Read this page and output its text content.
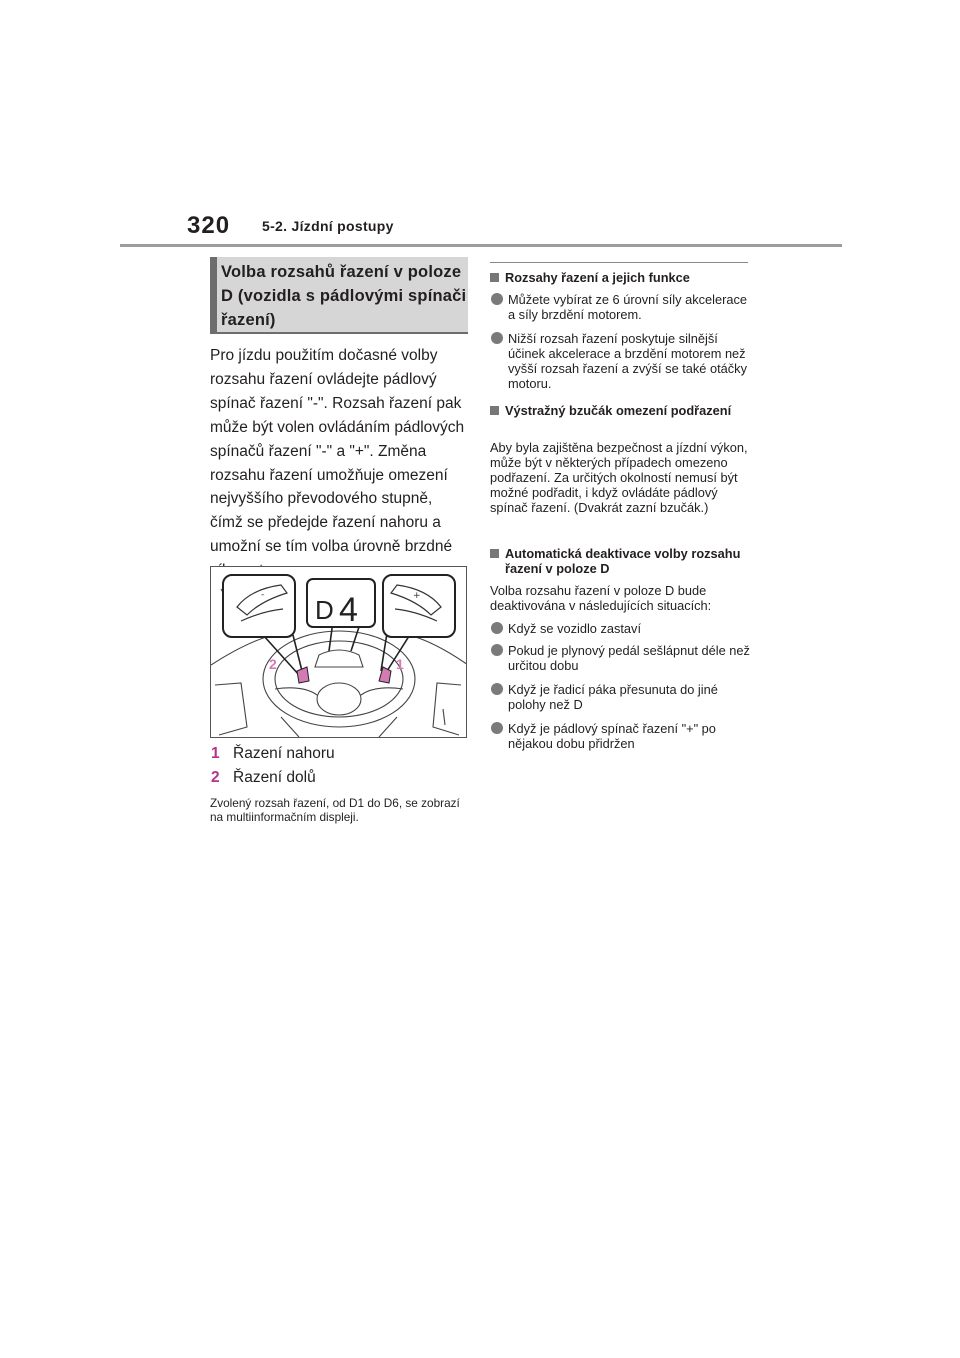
320 5-2. Jízdní postupy
Volba rozsahů řazení v poloze D (vozidla s pádlovými spínači řazení)
Pro jízdu použitím dočasné volby rozsahu řazení ovládejte pádlový spínač řazení "-". Rozsah řazení pak může být volen ovládáním pádlových spínačů řazení "-" a "+". Změna rozsahu řazení umožňuje omezení nejvyššího převodového stupně, čímž se předejde řazení nahoru a umožní se tím volba úrovně brzdné
- D 4	+
2	1
1 Řazení nahoru
2 Řazení dolů
Zvolený rozsah řazení, od D1 do D6, se zobrazí na multiinformačním displeji.
Rozsahy řazení a jejich funkce
Můžete vybírat ze 6 úrovní síly akcelerace a síly brzdění motorem.
Nižší rozsah řazení poskytuje silnější účinek akcelerace a brzdění motorem než vyšší rozsah řazení a zvýší se také otáčky motoru.
Výstražný bzučák omezení podřazení
Aby byla zajištěna bezpečnost a jízdní výkon, může být v některých případech omezeno podřazení. Za určitých okolností nemusí být možné podřadit, i když ovládáte pádlový spínač řazení. (Dvakrát zazní bzučák.)
Automatická deaktivace volby rozsahu řazení v poloze D
Volba rozsahu řazení v poloze D bude deaktivována v následujících situacích:
Když se vozidlo zastaví
Pokud je plynový pedál sešlápnut déle než určitou dobu
Když je řadicí páka přesunuta do jiné polohy než D
Když je pádlový spínač řazení "+" po nějakou dobu přidržen
